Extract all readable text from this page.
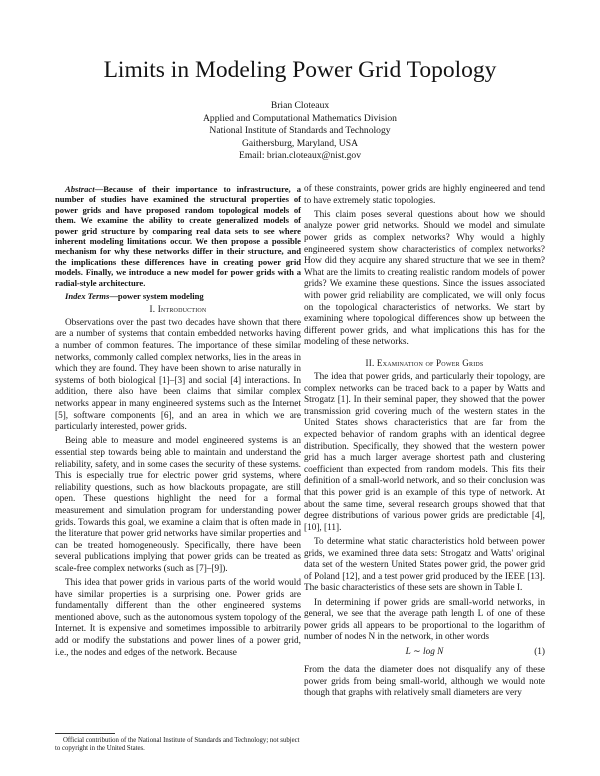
Limits in Modeling Power Grid Topology
Brian Cloteaux
Applied and Computational Mathematics Division
National Institute of Standards and Technology
Gaithersburg, Maryland, USA
Email: brian.cloteaux@nist.gov

Abstract—Because of their importance to infrastructure, a number of studies have examined the structural properties of power grids and have proposed random topological models of them. We examine the ability to create generalized models of power grid structure by comparing real data sets to see where inherent modeling limitations occur. We then propose a possible mechanism for why these networks differ in their structure, and the implications these differences have in creating power grid models. Finally, we introduce a new model for power grids with a radial-style architecture.

Index Terms—power system modeling

I. Introduction

Observations over the past two decades have shown that there are a number of systems that contain embedded networks having a number of common features. The importance of these similar networks, commonly called complex networks, lies in the areas in which they are found. They have been shown to arise naturally in systems of both biological [1]–[3] and social [4] interactions. In addition, there also have been claims that similar complex networks appear in many engineered systems such as the Internet [5], software components [6], and an area in which we are particularly interested, power grids.

Being able to measure and model engineered systems is an essential step towards being able to maintain and understand the reliability, safety, and in some cases the security of these systems. This is especially true for electric power grid systems, where reliability questions, such as how blackouts propagate, are still open. These questions highlight the need for a formal measurement and simulation program for understanding power grids. Towards this goal, we examine a claim that is often made in the literature that power grid networks have similar properties and can be treated homogeneously. Specifically, there have been several publications implying that power grids can be treated as scale-free complex networks (such as [7]–[9]).

This idea that power grids in various parts of the world would have similar properties is a surprising one. Power grids are fundamentally different than the other engineered systems mentioned above, such as the autonomous system topology of the Internet. It is expensive and sometimes impossible to arbitrarily add or modify the substations and power lines of a power grid, i.e., the nodes and edges of the network. Because

of these constraints, power grids are highly engineered and tend to have extremely static topologies.

This claim poses several questions about how we should analyze power grid networks. Should we model and simulate power grids as complex networks? Why would a highly engineered system show characteristics of complex networks? How did they acquire any shared structure that we see in them? What are the limits to creating realistic random models of power grids? We examine these questions. Since the issues associated with power grid reliability are complicated, we will only focus on the topological characteristics of networks. We start by examining where topological differences show up between the different power grids, and what implications this has for the modeling of these networks.

II. Examination of Power Grids

The idea that power grids, and particularly their topology, are complex networks can be traced back to a paper by Watts and Strogatz [1]. In their seminal paper, they showed that the power transmission grid covering much of the western states in the United States shows characteristics that are far from the expected behavior of random graphs with an identical degree distribution. Specifically, they showed that the western power grid has a much larger average shortest path and clustering coefficient than expected from random models. This fits their definition of a small-world network, and so their conclusion was that this power grid is an example of this type of network. At about the same time, several research groups showed that that degree distributions of various power grids are predictable [4], [10], [11].

To determine what static characteristics hold between power grids, we examined three data sets: Strogatz and Watts' original data set of the western United States power grid, the power grid of Poland [12], and a test power grid produced by the IEEE [13]. The basic characteristics of these sets are shown in Table I.

In determining if power grids are small-world networks, in general, we see that the average path length L of one of these power grids all appears to be proportional to the logarithm of number of nodes N in the network, in other words

L ∼ log N	(1)

From the data the diameter does not disqualify any of these power grids from being small-world, although we would note though that graphs with relatively small diameters are very

Official contribution of the National Institute of Standards and Technology; not subject to copyright in the United States.
